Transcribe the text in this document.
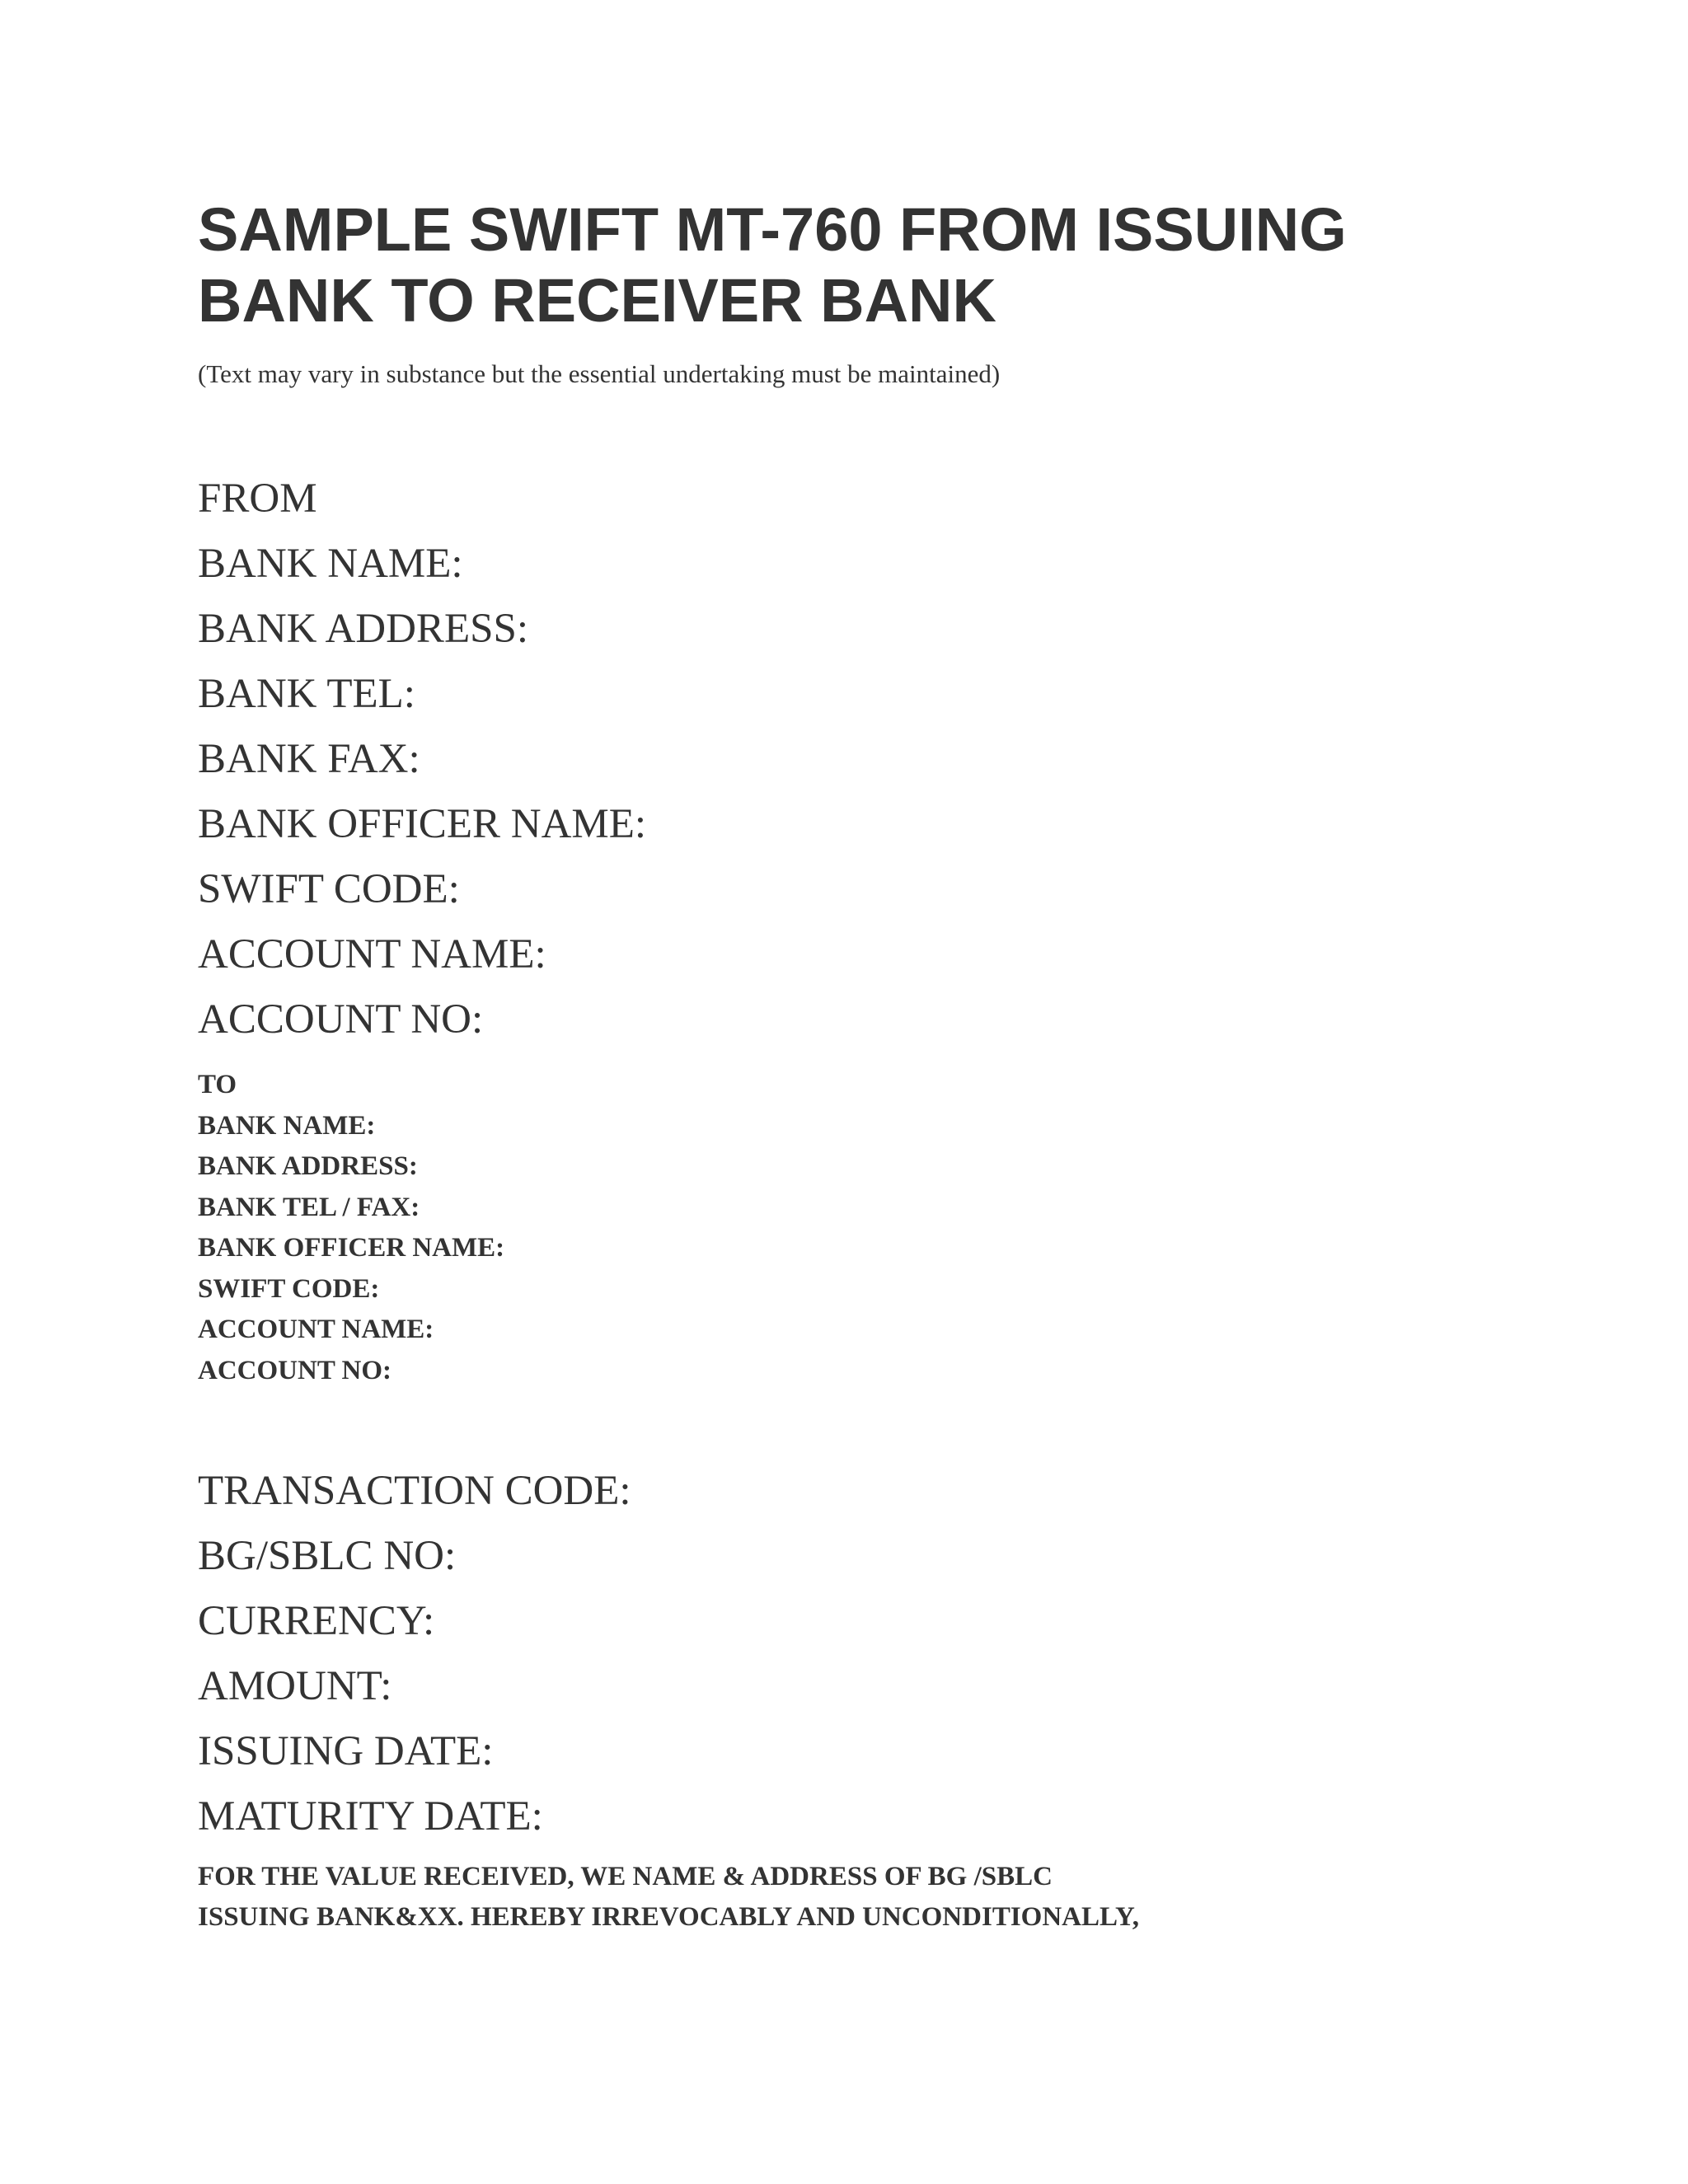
SAMPLE SWIFT MT-760 FROM ISSUING
BANK TO RECEIVER BANK

(Text may vary in substance but the essential undertaking must be maintained)

FROM
BANK NAME:
BANK ADDRESS:
BANK TEL:
BANK FAX:
BANK OFFICER NAME:
SWIFT CODE:
ACCOUNT NAME:
ACCOUNT NO:
TO
BANK NAME:
BANK ADDRESS:
BANK TEL / FAX:
BANK OFFICER NAME:
SWIFT CODE:
ACCOUNT NAME:
ACCOUNT NO:
TRANSACTION CODE:
BG/SBLC NO:
CURRENCY:
AMOUNT:
ISSUING DATE:
MATURITY DATE:

FOR THE VALUE RECEIVED, WE NAME & ADDRESS OF BG /SBLC
ISSUING BANK&XX. HEREBY IRREVOCABLY AND UNCONDITIONALLY,
